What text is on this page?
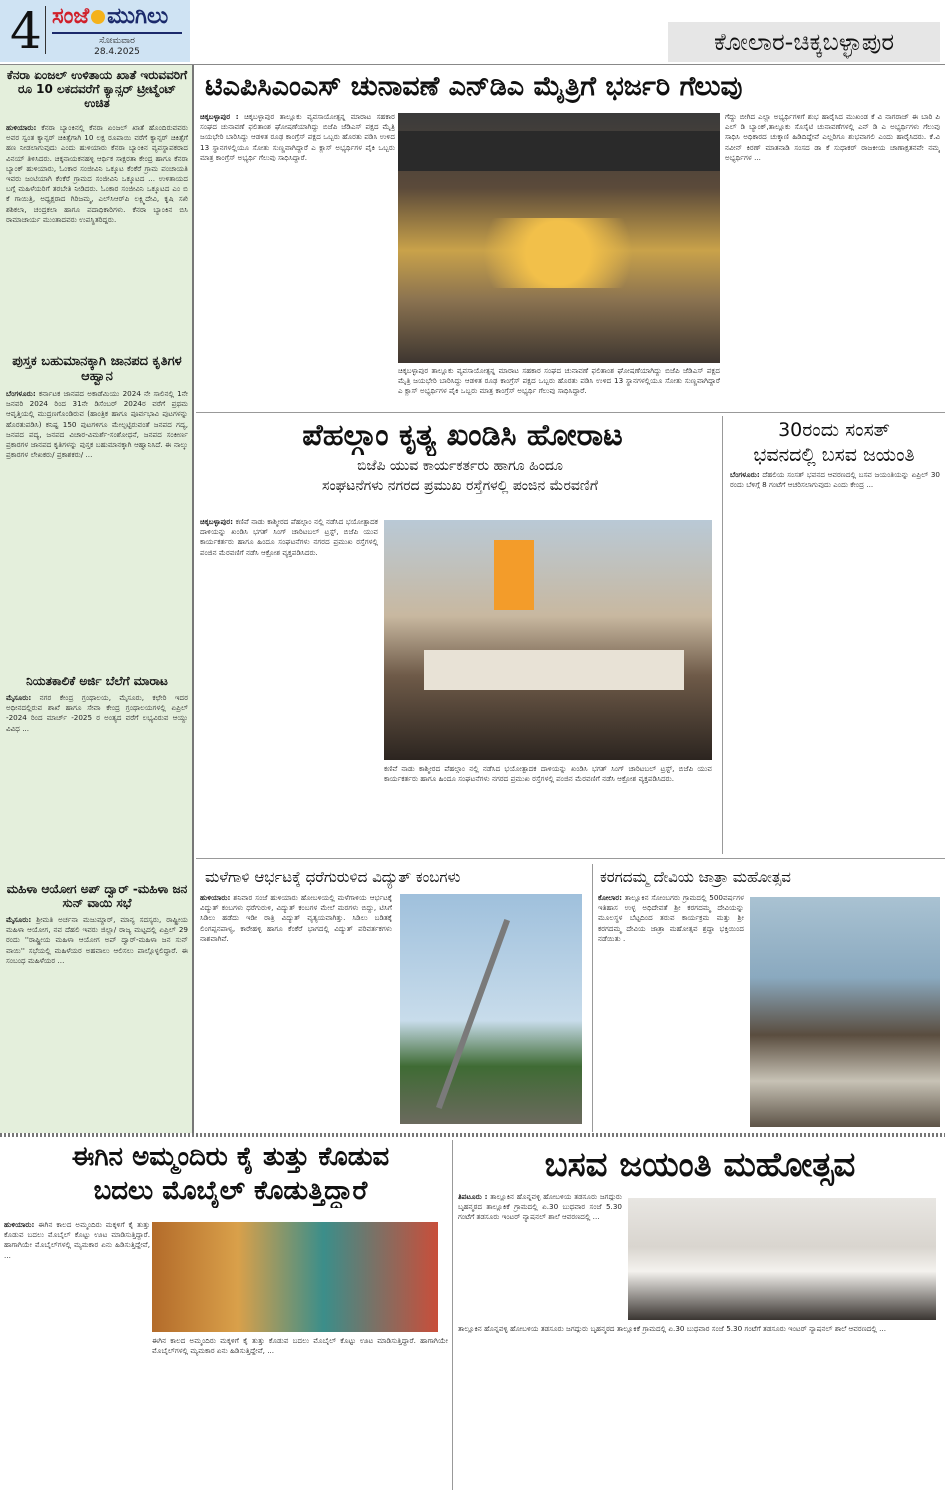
4 ಸಂಜೆ ಮುಗಿಲು
ಸೋಮವಾರ
28.4.2025	ಕೋಲಾರ-ಚಿಕ್ಕಬಳ್ಳಾಪುರ
ಕೆನರಾ ಏಂಜಲ್ ಉಳಿತಾಯ ಖಾತೆ ಇರುವವರಿಗೆ ರೂ 10 ಲಕದವರೆಗೆ ಕ್ಯಾನ್ಸರ್ ಟ್ರೀಟ್ಮೆಂಟ್ ಉಚಿತ
ಹುಳಿಯಾರು: ಕೆನರಾ ಬ್ಯಾಂಕಿನಲ್ಲಿ ಕೆನರಾ ಏಂಜಲ್ ಖಾತೆ ಹೊಂದಿರುವವರು ಅವರ ಸ್ವಂತ ಕ್ಯಾನ್ಸರ್ ಚಿಕಿತ್ಸೆಗಾಗಿ 10 ಲಕ್ಷ ರೂಪಾಯಿ ವರೆಗೆ ಕ್ಯಾನ್ಸರ್ ಚಿಕಿತ್ಸೆಗೆ ಹಣ ನೀಡಲಾಗುವುದು ಎಂದು ಹುಳಿಯಾರು ಕೆನರಾ ಬ್ಯಾಂಕಿನ ವ್ಯವಸ್ಥಾಪಕರಾದ ವಿನಯ್ ತಿಳಿಸಿದರು. ಚಿಕ್ಕನಾಯಕನಹಳ್ಳಿ ಆರ್ಥಿಕ ಸಾಕ್ಷರತಾ ಕೇಂದ್ರ ಹಾಗೂ ಕೆನರಾ ಬ್ಯಾಂಕ್ ಹುಳಿಯಾರು, ಓಂಕಾರ ಸಂಜೀವಿನಿ ಒಕ್ಕೂಟ ಕೆಂಕೆರೆ ಗ್ರಾಮ ಪಂಚಾಯತಿ ಇವರು ಜಂಟಿಯಾಗಿ ಕೆಂಕೆರೆ ಗ್ರಾಮದ ಸಂಜೀವಿನಿ ಒಕ್ಕೂಟದ ... ಉಳಿತಾಯದ ಬಗ್ಗೆ ಮಹಿಳೆಯರಿಗೆ ತರಬೇತಿ ನೀಡಿದರು. ಓಂಕಾರ ಸಂಜೀವಿನಿ ಒಕ್ಕೂಟದ ಎಂ ಬಿ ಕೆ ಗಾಯಿತ್ರಿ, ಅಧ್ಯಕ್ಷರಾದ ಗಿರಿಜಮ್ಮ, ಎಲ್‌ಸಿಆರ್‌ಪಿ ಲಕ್ಷ್ಮಿದೇವಿ, ಕೃಷಿ ಸಖಿ ಶಶಿಕಲಾ, ಚಂದ್ರಕಲಾ ಹಾಗೂ ಪದಾಧಿಕಾರಿಗಳು. ಕೆನರಾ ಬ್ಯಾಂಕಿನ ಬಿಸಿ ರಾಮಾಚಾರ್ಯ ಮುಂತಾದವರು ಉಪಸ್ಥಿತರಿದ್ದರು.
ಪುಸ್ತಕ ಬಹುಮಾನಕ್ಕಾಗಿ ಜಾನಪದ ಕೃತಿಗಳ ಆಹ್ವಾನ
ಬೆಂಗಳೂರು: ಕರ್ನಾಟಕ ಜಾನಪದ ಅಕಾಡೆಮಿಯು 2024 ನೇ ಸಾಲಿನಲ್ಲಿ 1ನೇ ಜನವರಿ 2024 ರಿಂದ 31ನೇ ಡಿಸೆಂಬರ್ 2024ರ ವರೆಗೆ ಪ್ರಥಮ ಆವೃತ್ತಿಯಲ್ಲಿ ಮುದ್ರಣಗೊಂಡಿರುವ (ಹಾಂತ್ರಿಕ ಹಾಗೂ ಪೂರ್ವಭಾವಿ ಪುಟಗಳನ್ನು ಹೊರತುಪಡಿಸಿ) ಕನಿಷ್ಟ 150 ಪುಟಗಳಿಗೂ ಮೇಲ್ಪಟ್ಟಿರುವಂತೆ ಜನಪದ ಗದ್ಯ, ಜನಪದ ಪದ್ಯ, ಜನಪದ ವಿಚಾರ-ವಿಮರ್ಶೆ-ಸಂಶೋಧನೆ, ಜನಪದ ಸಂಕೀರ್ಣ ಪ್ರಕಾರಗಳ ಜಾನಪದ ಕೃತಿಗಳನ್ನು ಪುಸ್ತಕ ಬಹುಮಾನಕ್ಕಾಗಿ ಆಹ್ವಾನಿಸಿದೆ. ಈ ನಾಲ್ಕು ಪ್ರಕಾರಗಳ ಲೇಖಕರು/ ಪ್ರಕಾಶಕರು/ ...
ನಿಯತಕಾಲಿಕೆ ಅರ್ಜಿ ಬೆಲೆಗೆ ಮಾರಾಟ
ಮೈಸೂರು: ನಗರ ಕೇಂದ್ರ ಗ್ರಂಥಾಲಯ, ಮೈಸೂರು, ಕಛೇರಿ ಇದರ ಅಧೀನದಲ್ಲಿರುವ ಶಾಖೆ ಹಾಗೂ ಸೇವಾ ಕೇಂದ್ರ ಗ್ರಂಥಾಲಯಗಳಲ್ಲಿ ಏಪ್ರಿಲ್ -2024 ರಿಂದ ಮಾರ್ಚ್ -2025 ರ ಅಂತ್ಯದ ವರೆಗೆ ಲಭ್ಯವಿರುವ ಆಯ್ದು ವಿವಿಧ ...
ಮಹಿಳಾ ಆಯೋಗ ಅಪ್ ದ್ವಾರ್ -ಮಹಿಳಾ ಜನ ಸುನ್ ವಾಯಿ ಸಭೆ
ಮೈಸೂರು: ಶ್ರೀಮತಿ ಅರ್ಚನಾ ಮಜುಮ್ದಾರ್, ಮಾನ್ಯ ಸದಸ್ಯರು, ರಾಷ್ಟ್ರೀಯ ಮಹಿಳಾ ಆಯೋಗ, ನವ ದೆಹಲಿ ಇವರು ಜಿಲ್ಲಾ/ ರಾಜ್ಯ ಮಟ್ಟದಲ್ಲಿ ಏಪ್ರಿಲ್ 29 ರಂದು ''ರಾಷ್ಟ್ರೀಯ ಮಹಿಳಾ ಆಯೋಗ ಅಪ್ ದ್ವಾರ್-ಮಹಿಳಾ ಜನ ಸುನ್ ವಾಯಿ'' ಸಭೆಯಲ್ಲಿ ಮಹಿಳೆಯರ ಅಹವಾಲು ಆಲಿಸಲು ಪಾಲ್ಗೊಳ್ಳಲಿದ್ದಾರೆ. ಈ ಸಂಬಂಧ ಮಹಿಳೆಯರ ...
ಟಿಎಪಿಸಿಎಂಎಸ್ ಚುನಾವಣೆ ಎನ್‌ಡಿಎ ಮೈತ್ರಿಗೆ ಭರ್ಜರಿ ಗೆಲುವು
ಚಿಕ್ಕಬಳ್ಳಾಪುರ : ಚಿಕ್ಕಬಳ್ಳಾಪುರ ತಾಲ್ಲೂಕು ವ್ಯವಸಾಯೋತ್ಪನ್ನ ಮಾರಾಟ ಸಹಕಾರ ಸಂಘದ ಚುನಾವಣೆ ಫಲಿತಾಂಶ ಘೋಷಣೆಯಾಗಿದ್ದು ಬಿಜೆಪಿ ಜೆಡಿಎಸ್ ಪಕ್ಷದ ಮೈತ್ರಿ ಜಯಭೇರಿ ಬಾರಿಸಿದ್ದು ಆಡಳಿತ ರೂಢ ಕಾಂಗ್ರೆಸ್ ಪಕ್ಷದ ಒಬ್ಬರು ಹೊರತು ಪಡಿಸಿ ಉಳಿದ 13 ಸ್ಥಾನಗಳಲ್ಲಿಯೂ ಸೋತು ಸುಣ್ಣವಾಗಿದ್ದಾರೆ ಎ ಕ್ಲಾಸ್ ಅಭ್ಯರ್ಥಿಗಳ ಪೈಕಿ ಒಬ್ಬರು ಮಾತ್ರ ಕಾಂಗ್ರೆಸ್ ಅಭ್ಯರ್ಥಿ ಗೆಲುವು ಸಾಧಿಸಿದ್ದಾರೆ.
ಚಿಕ್ಕಬಳ್ಳಾಪುರ ತಾಲ್ಲೂಕು ವ್ಯವಸಾಯೋತ್ಪನ್ನ ಮಾರಾಟ ಸಹಕಾರ ಸಂಘದ ಚುನಾವಣೆ ಫಲಿತಾಂಶ ಘೋಷಣೆಯಾಗಿದ್ದು ಬಿಜೆಪಿ ಜೆಡಿಎಸ್ ಪಕ್ಷದ ಮೈತ್ರಿ ಜಯಭೇರಿ ಬಾರಿಸಿದ್ದು ಆಡಳಿತ ರೂಢ ಕಾಂಗ್ರೆಸ್ ಪಕ್ಷದ ಒಬ್ಬರು ಹೊರತು ಪಡಿಸಿ ಉಳಿದ 13 ಸ್ಥಾನಗಳಲ್ಲಿಯೂ ಸೋತು ಸುಣ್ಣವಾಗಿದ್ದಾರೆ ಎ ಕ್ಲಾಸ್ ಅಭ್ಯರ್ಥಿಗಳ ಪೈಕಿ ಒಬ್ಬರು ಮಾತ್ರ ಕಾಂಗ್ರೆಸ್ ಅಭ್ಯರ್ಥಿ ಗೆಲುವು ಸಾಧಿಸಿದ್ದಾರೆ.
ಗೆದ್ದು ಬೀಗಿದ ಎಲ್ಲಾ ಅಭ್ಯರ್ಥಿಗಳಿಗೆ ಶುಭ ಹಾರೈಸಿದ ಮುಖಂಡ ಕೆ ವಿ ನಾಗರಾಜ್ ಈ ಬಾರಿ ಪಿ ಎಲ್ ಡಿ ಬ್ಯಾಂಕ್,ತಾಲ್ಲೂಕು ಸೊಸೈಟಿ ಚುನಾವಣೆಗಳಲ್ಲಿ ಎನ್ ಡಿ ಎ ಅಭ್ಯರ್ಥಿಗಳು ಗೆಲುವು ಸಾಧಿಸಿ ಅಧಿಕಾರದ ಚುಕ್ಕಾಣಿ ಹಿಡಿದಿದ್ದೇವೆ ಎಲ್ಲರಿಗೂ ಶುಭವಾಗಲಿ ಎಂದು ಹಾರೈಸಿದರು. ಕೆ.ವಿ ನವೀನ್ ಕಿರಣ್ ಮಾತನಾಡಿ ಸಂಸದ ಡಾ ಕೆ ಸುಧಾಕರ್ ರಾಜಕೀಯ ಚಾಣಾಕ್ಷತನವೇ ನಮ್ಮ ಅಭ್ಯರ್ಥಿಗಳ ...
ಪೆಹಲ್ಗಾಂ ಕೃತ್ಯ ಖಂಡಿಸಿ ಹೋರಾಟ
ಬಿಜೆಪಿ ಯುವ ಕಾರ್ಯಕರ್ತರು ಹಾಗೂ ಹಿಂದೂ
ಸಂಘಟನೆಗಳು ನಗರದ ಪ್ರಮುಖ ರಸ್ತೆಗಳಲ್ಲಿ ಪಂಜಿನ ಮೆರವಣಿಗೆ
ಚಿಕ್ಕಬಳ್ಳಾಪುರ: ಕಣಿವೆ ನಾಡು ಕಾಶ್ಮೀರದ ಪೆಹಲ್ಗಾಂ ನಲ್ಲಿ ನಡೆಸಿದ ಭಯೋತ್ಪಾದಕ ದಾಳಿಯನ್ನು ಖಂಡಿಸಿ ಭಗತ್ ಸಿಂಗ್ ಚಾರಿಟಬಲ್ ಟ್ರಸ್ಟ್, ಬಿಜೆಪಿ ಯುವ ಕಾರ್ಯಕರ್ತರು ಹಾಗೂ ಹಿಂದೂ ಸಂಘಟನೆಗಳು ನಗರದ ಪ್ರಮುಖ ರಸ್ತೆಗಳಲ್ಲಿ ಪಂಜಿನ ಮೆರವಣಿಗೆ ನಡೆಸಿ ಆಕ್ರೋಶ ವ್ಯಕ್ತಪಡಿಸಿದರು.
ಕಣಿವೆ ನಾಡು ಕಾಶ್ಮೀರದ ಪೆಹಲ್ಗಾಂ ನಲ್ಲಿ ನಡೆಸಿದ ಭಯೋತ್ಪಾದಕ ದಾಳಿಯನ್ನು ಖಂಡಿಸಿ ಭಗತ್ ಸಿಂಗ್ ಚಾರಿಟಬಲ್ ಟ್ರಸ್ಟ್, ಬಿಜೆಪಿ ಯುವ ಕಾರ್ಯಕರ್ತರು ಹಾಗೂ ಹಿಂದೂ ಸಂಘಟನೆಗಳು ನಗರದ ಪ್ರಮುಖ ರಸ್ತೆಗಳಲ್ಲಿ ಪಂಜಿನ ಮೆರವಣಿಗೆ ನಡೆಸಿ ಆಕ್ರೋಶ ವ್ಯಕ್ತಪಡಿಸಿದರು.
30ರಂದು ಸಂಸತ್
ಭವನದಲ್ಲಿ ಬಸವ ಜಯಂತಿ
ಬೆಂಗಳೂರು: ದೆಹಲಿಯ ಸಂಸತ್ ಭವನದ ಆವರಣದಲ್ಲಿ ಬಸವ ಜಯಂತಿಯನ್ನು ಏಪ್ರಿಲ್ 30 ರಂದು ಬೆಳಿಗ್ಗೆ 8 ಗಂಟೆಗೆ ಆಚರಿಸಲಾಗುವುದು ಎಂದು ಕೇಂದ್ರ ...
ಮಳೆಗಾಳಿ ಆರ್ಭಟಕ್ಕೆ ಧರೆಗುರುಳಿದ ವಿದ್ಯುತ್ ಕಂಬಗಳು
ಹುಳಿಯಾರು: ಶನಿವಾರ ಸಂಜೆ ಹುಳಿಯಾರು ಹೋಬಳಿಯಲ್ಲಿ ಮಳೆಗಾಳಿಯ ಆರ್ಭಟಕ್ಕೆ ವಿದ್ಯುತ್ ಕಂಬಗಳು ಧರೆಗುರುಳಿ, ವಿದ್ಯುತ್ ಕಂಬಗಳ ಮೇಲೆ ಮರಗಳು ಬಿದ್ದು, ಟಿಸಿಗೆ ಸಿಡಿಲು ಹಡೆದು ಇಡೀ ರಾತ್ರಿ ವಿದ್ಯುತ್ ವ್ಯತ್ಯಯವಾಗಿತ್ತು. ಸಿಡಿಲು ಬಡಿತಕ್ಕೆ ಲಿಂಗಪ್ಪನಪಾಳ್ಯ, ಕಾರೇಹಳ್ಳಿ ಹಾಗೂ ಕೆಂಕೆರೆ ಭಾಗದಲ್ಲಿ ವಿದ್ಯುತ್ ಪರಿವರ್ತಕಗಳು ನಾಶವಾಗಿವೆ.
ಕರಗದಮ್ಮ ದೇವಿಯ ಜಾತ್ರಾ ಮಹೋತ್ಸವ
ಕೋಲಾರ: ತಾಲ್ಲೂಕಿನ ಸೋಂಬಗರು ಗ್ರಾಮದಲ್ಲಿ 500ವರ್ಷಗಳ ಇತಿಹಾಸ ಉಳ್ಳ ಅಧಿದೇವತೆ ಶ್ರೀ ಕರಗದಮ್ಮ ದೇವಿಯನ್ನು ಮೂಲಸ್ಥಳ ಬೆಟ್ಟದಿಂದ ತರುವ ಕಾರ್ಯಕ್ರಮ ಮತ್ತು ಶ್ರೀ ಕರಗದಮ್ಮ ದೇವಿಯ ಜಾತ್ರಾ ಮಹೋತ್ಸವ ಶ್ರದ್ಧಾ ಭಕ್ತಿಯಿಂದ ನಡೆಯಿತು .
ಈಗಿನ ಅಮ್ಮಂದಿರು ಕೈ ತುತ್ತು ಕೊಡುವ
ಬದಲು ಮೊಬೈಲ್ ಕೊಡುತ್ತಿದ್ದಾರೆ
ಹುಳಿಯಾರು: ಈಗಿನ ಕಾಲದ ಅಮ್ಮಂದಿರು ಮಕ್ಕಳಿಗೆ ಕೈ ತುತ್ತು ಕೊಡುವ ಬದಲು ಮೊಬೈಲ್ ಕೊಟ್ಟು ಊಟ ಮಾಡಿಸುತ್ತಿದ್ದಾರೆ. ಹಾಗಾಗಿಯೇ ಮೊಬೈಲ್‌ಗಳಲ್ಲಿ ಮ್ಯಮಕಾರ ಏನು ಹಿಡಿಸುತ್ತಿದ್ದೇವೆ, ...
ಈಗಿನ ಕಾಲದ ಅಮ್ಮಂದಿರು ಮಕ್ಕಳಿಗೆ ಕೈ ತುತ್ತು ಕೊಡುವ ಬದಲು ಮೊಬೈಲ್ ಕೊಟ್ಟು ಊಟ ಮಾಡಿಸುತ್ತಿದ್ದಾರೆ. ಹಾಗಾಗಿಯೇ ಮೊಬೈಲ್‌ಗಳಲ್ಲಿ ಮ್ಯಮಕಾರ ಏನು ಹಿಡಿಸುತ್ತಿದ್ದೇವೆ, ...
ಬಸವ ಜಯಂತಿ ಮಹೋತ್ಸವ
ತಿಪಟೂರು : ತಾಲ್ಲೂಕಿನ ಹೊನ್ನವಳ್ಳಿ ಹೋಬಳಿಯ ತಡಸೂರು ಜಗದ್ಗುರು ಬೃಹನ್ಮಠದ ತಾಲ್ಲೂಕಿಕೆ ಗ್ರಾಮದಲ್ಲಿ ಏ.30 ಬುಧವಾರ ಸಂಜೆ 5.30 ಗಂಟೆಗೆ ತಡಸೂರು ಇಂಟರ್ ನ್ಯಾಷನಲ್ ಶಾಲೆ ಆವರಣದಲ್ಲಿ ...
ತಾಲ್ಲೂಕಿನ ಹೊನ್ನವಳ್ಳಿ ಹೋಬಳಿಯ ತಡಸೂರು ಜಗದ್ಗುರು ಬೃಹನ್ಮಠದ ತಾಲ್ಲೂಕಿಕೆ ಗ್ರಾಮದಲ್ಲಿ ಏ.30 ಬುಧವಾರ ಸಂಜೆ 5.30 ಗಂಟೆಗೆ ತಡಸೂರು ಇಂಟರ್ ನ್ಯಾಷನಲ್ ಶಾಲೆ ಆವರಣದಲ್ಲಿ ...
